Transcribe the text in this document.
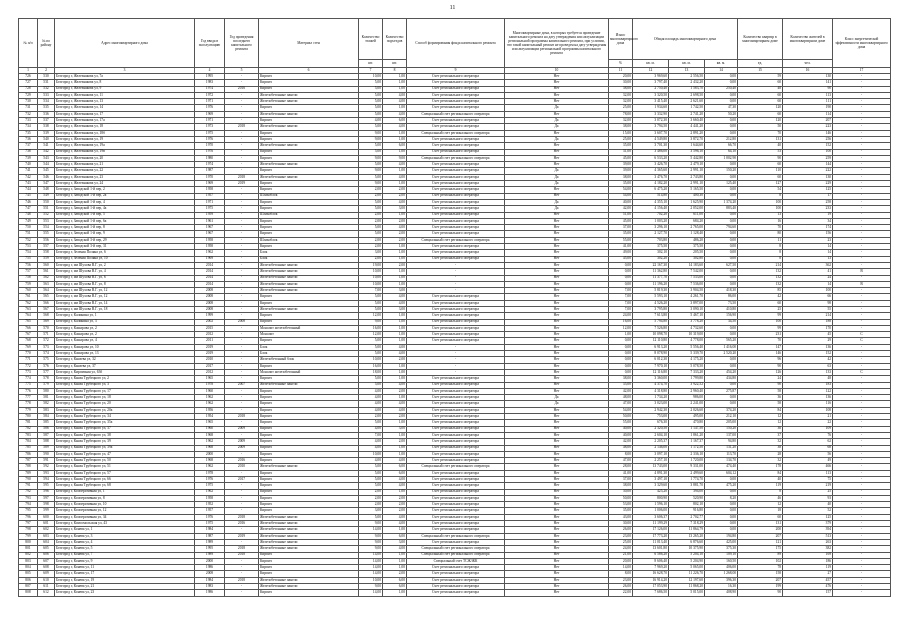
11
№ п/п	№ по району	Адрес многоквартирного дома	Год ввода в эксплуатацию	Год проведения последнего капитального ремонта	Материал стен	Количество этажей	Количество подъездов	Способ формирования фонда капитального ремонта	Многоквартирные дома, в которых требуется проведение капитального ремонта на дату утверждения или актуализации региональной программы капитального ремонта, при условии, что такой капитальный ремонт не проведен на дату утверждения или актуализации региональной программы капитального ремонта	Износ многоквартирного дома	Общая площадь многоквартирного дома			Количество квартир в многоквартирном доме	Количество жителей в многоквартирном доме	Класс энергетической эффективности многоквартирного дома
						шт.	шт.			%	кв. м.	кв. м.	кв. м.	ед.	чел.	
1	2	3	4	5	6	7	8	9	10	11	12	13	14	15	16	17
726	530	Белгород г, Железнякова ул, 7а	1995	-	Кирпич	10,00	1,00	Счет регионального оператора	Нет	20,00	3 969,60	2 556,50	0,00	59	130	-
727	531	Белгород г, Железнякова ул, 8	1983	-	Кирпич	5,00	1,00	Счет регионального оператора	Нет	30,00	3 797,40	2 432,20	0,00	60	141	-
728	532	Белгород г, Железнякова ул, 9	1974	2016	Кирпич	5,00	1,00	Счет регионального оператора	Нет	38,00	2 750,40	1 583,70	250,40	48	90	-
729	533	Белгород г, Железнякова ул, 11	1972	-	Железобетонные панели	5,00	4,00	Счет регионального оператора	Нет	32,00	3 320,50	2 698,50	0,00	60	113	-
730	534	Белгород г, Железнякова ул, 13	1971	-	Железобетонные панели	5,00	4,00	Счет регионального оператора	Нет	32,00	3 415,40	2 621,60	0,00	60	111	-
731	535	Белгород г, Железнякова ул, 14	1976	-	Кирпич	5,00	1,00	Счет регионального оператора	Да	25,00	1 934,60	1 742,50	47,30	120	190	-
732	536	Белгород г, Железнякова ул, 17	1969	-	Железобетонные панели	5,00	4,00	Специальный счет регионального оператора	Нет	78,00	3 332,90	2 741,20	50,20	60	114	-
733	537	Белгород г, Железнякова ул, 17а	1971	-	Кирпич	4,00	6,00	Счет регионального оператора	Да	32,00	3 072,30	3 660,40	0,00	120	207	-
734	538	Белгород г, Железнякова ул, 18	1973	2018	Железобетонные панели	5,00	4,00	Счет регионального оператора	Да	38,00	3 794,50	4 441,20	0,00	50	223	-
735	539	Белгород г, Железнякова ул, 18б	1975	-	Кирпич	9,00	1,00	Специальный счет регионального оператора	Нет	15,00	3 607,70	2 891,20	0,00	70	146	-
736	540	Белгород г, Железнякова ул, 19	1976	-	Кирпич	9,00	1,00	Счет регионального оператора	Да	25,00	4 549,80	3 872,70	212,80	131	256	-
737	541	Белгород г, Железнякова ул, 19а	1970	-	Железобетонные панели	5,00	6,00	Счет регионального оператора	Нет	35,00	3 701,30	1 644,60	66,70	40	152	-
738	542	Белгород г, Железнякова ул, 19в	1976	-	Кирпич	5,00	1,00	Счет регионального оператора	Нет	31,00	3 486,00	3 596,10	64,10	53	100	-
739	543	Белгород г, Железнякова ул, 20	1980	-	Кирпич	9,00	9,00	Специальный счет регионального оператора	Нет	45,00	6 533,20	5 442,80	1 002,90	90	259	-
740	544	Белгород г, Железнякова ул, 21	1974	-	Железобетонные панели	5,00	4,00	Счет регионального оператора	Нет	39,00	3 426,70	2 479,10	0,00	60	144	-
741	545	Белгород г, Железнякова ул, 22	1987	-	Кирпич	9,00	1,00	Счет регионального оператора	Да	39,00	4 365,60	2 991,10	150,20	110	222	-
742	546	Белгород г, Железнякова ул, 23	1970	2018	Железобетонные панели	5,00	4,00	Счет регионального оператора	Да	38,00	3 476,70	2 743,80	0,00	60	130	-
743	547	Белгород г, Железнякова ул, 24	1969	2019	Кирпич	9,00	1,00	Счет регионального оператора	Да	35,00	4 182,20	2 991,10	125,40	127	229	-
744	548	Белгород г, Заводской 1-й пер, 2	1958	-	Кирпич	2,00	2,00	Счет регионального оператора	Нет	54,00	6 475,20	5 165,50	0,00	54	125	-
745	549	Белгород г, Заводской 1-й пер, 2а	1957	-	Шлакоблок	2,00	2,00	Счет регионального оператора	Нет	54,00	514,80	400,30	0,00	8	17	-
746	550	Белгород г, Заводской 1-й пер, 4	1971	-	Кирпич	5,00	4,00	Счет регионального оператора	Да	40,00	4 355,10	1 625,90	1 374,20	100	258	-
747	551	Белгород г, Заводской 1-й пер, 4а	1975	-	Кирпич	5,00	3,00	Счет регионального оператора	Да	42,00	4 156,40	2 052,00	883,40	100	233	-
748	552	Белгород г, Заводской 1-й пер, 5	1959	-	Шлакоблок	2,00	1,00	Счет регионального оператора	Нет	51,00	702,20	611,00	0,00	13	19	-
749	553	Белгород г, Заводской 1-й пер, 6а	1961	-	Кирпич	2,00	2,00	Счет регионального оператора	Нет	45,00	1 003,20	684,20	0,00	16	34	-
750	554	Белгород г, Заводской 1-й пер, 8	1967	-	Кирпич	5,00	4,00	Счет регионального оператора	Нет	37,00	3 296,10	2 765,00	794,60	70	174	-
751	555	Белгород г, Заводской 1-й пер, 9	1967	-	Кирпич	5,00	2,00	Счет регионального оператора	Нет	35,00	2 127,70	1 128,40	0,00	80	156	-
752	556	Белгород г, Заводской 3-й пер, 29	1958	-	Шлакоблок	2,00	2,00	Специальный счет регионального оператора	Нет	55,00	703,80	486,20	0,00	11	23	-
753	557	Белгород г, Заводской 3-й пер, 31	1958	-	Кирпич	2,00	1,00	Счет регионального оператора	Нет	41,00	375,50	375,50	0,00	8	14	-
754	558	Белгород г, Зеленая Поляна ул, 6	1962	-	Блок	3,00	1,00	Счет регионального оператора	Нет	49,00	302,10	205,50	0,00	8	14	-
755	559	Белгород г, Зеленая Поляна ул, 10	1969	-	Блок	2,00	1,00	Счет регионального оператора	Нет	45,00	302,20	302,80	0,00	8	13	-
756	560	Белгород г, им Шухова В.Г. ул, 2	2014	-	Железобетонные панели	19,00	2,00	-	Нет	0,00	22 167,30	14 183,60	627,50	214	362	-
757	561	Белгород г, им Шухова В.Г. ул, 4	2014	-	Железобетонные панели	10,00	1,00	-	Нет	0,00	11 362,80	7 542,00	0,00	132	41	B
758	562	Белгород г, им Шухова В.Г. ул, 6	2014	-	Железобетонные панели	10,00	1,00	-	Нет	0,00	11 377,70	7 533,00	0,00	132	24	-
759	563	Белгород г, им Шухова В.Г. ул, 8	2014	-	Железобетонные панели	10,00	1,00	-	Нет	0,00	11 196,20	7 536,00	0,00	132	14	B
760	564	Белгород г, им Шухова В.Г. ул, 12	2008	-	Железобетонные панели	7,00	3,00	-	Нет	7,00	5 819,30	3 904,50	418,30	85	100	-
761	565	Белгород г, им Шухова В.Г. ул, 12	2008	-	Кирпич	5,00	4,00	Счет регионального оператора	Нет	7,00	5 593,10	4 261,70	86,00	42	66	-
762	566	Белгород г, им Шухова В.Г. ул, 14	2008	-	Кирпич	5,00	4,00	Счет регионального оператора	Нет	7,00	4 526,20	3 897,00	73,50	60	98	-
763	567	Белгород г, им Шухова В.Г. ул, 18	2008	-	Железобетонные панели	5,00	3,00	Счет регионального оператора	Нет	7,00	3 795,80	3 090,10	410,80	25	55	-
764	568	Белгород г, Калинина ул, 1	1999	-	Кирпич	12,00	1,00	Счет регионального оператора	Нет	24,00	7 613,80	5 467,10	156,90	99	214	-
765	569	Белгород г, Калинина ул, 3	2002	2008	Кирпич	9,00	1,00	Счет регионального оператора	Нет	16,00	5 794,80	3 778,20	34,50	100	188	-
766	570	Белгород г, Кашарова ул, 2	2015	-	Монолит железобетонный	16,00	1,00	Счет регионального оператора	Нет	12,00	7 526,80	4 732,60	0,00	99	170	-
767	571	Белгород г, Кашарова ул, 2	2012	-	Монолит	12,00	1,00	Счет регионального оператора	Нет	1,00	10 098,70	10 319,00	0,00	231	45	C
768	572	Белгород г, Кашарова ул, 4	2011	-	Кирпич	5,00	1,00	Счет регионального оператора	Нет	0,00	12 110,80	4 778,00	565,20	70	29	C
769	573	Белгород г, Кашарова ул, 10	2019	-	Блок	5,00	4,00	-	Нет	0,00	6 913,20	5 556,40	1 416,00	147	136	-
770	574	Белгород г, Кашарова ул, 13	2019	-	Блок	5,00	4,00	-	Нет	0,00	8 078,90	5 339,70	2 520,20	146	152	-
771	575	Белгород г, Князева ул, 32	2010	-	Железобетонный блок	10,00	2,00	-	Нет	0,00	6 012,30	4 175,20	0,00	96	42	-
772	576	Белгород г, Князева ул, 37	2017	-	Кирпич	16,00	1,00	-	Нет	0,00	7 970,10	5 078,50	0,00	90	63	-
773	577	Белгород г, Кирпичная ул, 63б	2012	-	Монолит железобетонный	18,00	1,00	-	Нет	0,00	12 116,80	7 333,20	454,20	126	133	C
774	578	Белгород г, Князя Трубецкого ул, 2	1965	-	Кирпич	5,00	1,00	Счет регионального оператора	Нет	38,00	3 360,00	1 799,80	434,80	24	48	-
775	579	Белгород г, Князя Трубецкого ул, 3	1978	2007	Железобетонные панели	5,00	4,00	Счет регионального оператора	Нет	35,00	4 374,70	3 922,52	0,00	90	183	-
776	580	Белгород г, Князя Трубецкого ул, 17	1960	-	Кирпич	4,00	2,00	Счет регионального оператора	Нет	42,00	4 318,80	2 960,40	275,87	58	122	-
777	581	Белгород г, Князя Трубецкого ул, 18	1962	-	Кирпич	4,00	1,00	Счет регионального оператора	Да	48,00	1 734,20	986,00	0,00	36	136	-
778	582	Белгород г, Князя Трубецкого ул, 20	1962	-	Кирпич	4,00	4,00	Счет регионального оператора	Да	47,00	3 023,00	2 241,00	0,00	58	116	-
779	583	Белгород г, Князя Трубецкого ул, 20а	1956	-	Кирпич	4,00	4,00	Счет регионального оператора	Нет	54,00	2 942,30	2 026,60	374,20	84	108	-
780	584	Белгород г, Князя Трубецкого ул, 34	1954	2018	Кирпич	2,00	2,00	Счет регионального оператора	Нет	50,00	753,00	495,00	212,10	12	21	-
781	585	Белгород г, Князя Трубецкого ул, 35а	1965	-	Кирпич	5,00	1,00	Счет регионального оператора	Нет	55,00	676,30	470,80	205,00	12	22	-
782	586	Белгород г, Князя Трубецкого ул, 37	1960	2009	Кирпич	4,00	3,00	Счет регионального оператора	Нет	40,00	2 320,50	1 147,50	150,20	36	109	-
783	587	Белгород г, Князя Трубецкого ул, 38	1968	-	Кирпич	7,00	1,00	Счет регионального оператора	Нет	40,00	2 604,10	1 861,20	137,00	37	76	-
784	588	Белгород г, Князя Трубецкого ул, 39	1962	2009	Кирпич	4,00	2,00	Счет регионального оператора	Нет	42,00	2 205,37	1 167,37	94,80	32	62	-
785	589	Белгород г, Князя Трубецкого ул, 39а	1968	2009	Кирпич	4,00	1,00	Счет регионального оператора	Нет	48,00	2 146,00	1 172,50	131,20	38	68	-
786	590	Белгород г, Князя Трубецкого ул, 47	2000	-	Кирпич	10,00	1,00	Счет регионального оператора	Нет	8,00	3 097,10	2 336,10	113,70	28	56	-
787	591	Белгород г, Князя Трубецкого ул, 50	1968	2016	Кирпич	4,00	4,00	Счет регионального оператора	Нет	47,00	2 257,10	1 720,00	134,70	32	49	-
788	592	Белгород г, Князя Трубецкого ул, 51	1962	2010	Железобетонные панели	5,00	6,00	Специальный счет регионального оператора	Нет	28,00	13 743,00	9 331,00	474,40	178	466	-
789	593	Белгород г, Князя Трубецкого ул, 57	1978	-	Кирпич	5,00	6,00	Счет регионального оператора	Нет	41,00	4 891,30	2 499,60	604,12	84	113	-
790	594	Белгород г, Князя Трубецкого ул, 66	1976	2017	Кирпич	5,00	4,00	Счет регионального оператора	Нет	37,00	3 497,10	1 774,70	0,00	40	75	-
791	595	Белгород г, Князя Трубецкого ул, 68	1975	-	Кирпич	5,00	4,00	Счет регионального оператора	Нет	38,00	3 329,60	3 881,70	475,20	119	219	-
792	596	Белгород г, Кооперативная ул, 1	1962	-	Кирпич	2,00	1,00	Счет регионального оператора	Нет	30,00	425,20	394,00	0,00	8	25	-
793	597	Белгород г, Кооперативная ул, 8	1958	-	Кирпич	2,00	2,00	Счет регионального оператора	Нет	50,00	800,90	520,90	8,20	46	93	-
794	598	Белгород г, Кооперативная ул, 10	1952	-	Кирпич	2,00	2,00	Счет регионального оператора	Нет	53,00	1 596,10	802,10	0,00	12	40	-
795	599	Белгород г, Кооперативная ул, 12	1957	-	Кирпич	3,00	2,00	Счет регионального оператора	Нет	35,00	1 006,00	916,80	0,00	18	52	-
796	600	Белгород г, Кооперативная ул, 34	1976	2018	Железобетонные панели	5,00	4,00	Счет регионального оператора	Нет	43,00	3 606,37	2 702,77	0,00	60	125	-
797	601	Белгород г, Комсомольская ул, 43	1975	2016	Железобетонные панели	9,00	4,00	Счет регионального оператора	Нет	30,00	11 199,29	7 318,29	0,00	131	379	-
798	602	Белгород г, Конева ул, 1	1984	-	Железобетонные панели	14,00	1,00	Счет регионального оператора	Нет	26,00	17 126,00	11 864,79	0,00	200	394	-
799	603	Белгород г, Конева ул, 3	1987	2019	Железобетонные панели	9,00	6,00	Специальный счет регионального оператора	Нет	23,00	17 773,20	13 265,20	194,80	207	513	-
800	604	Белгород г, Конева ул, 4	1989	-	Железобетонные панели	9,00	3,00	Счет регионального оператора	Нет	25,00	11 013,40	6 876,60	425,00	121	263	-
801	605	Белгород г, Конева ул, 5	1995	2018	Железобетонные панели	9,00	4,00	Специальный счет регионального оператора	Нет	24,00	13 601,80	10 375,90	375,30	175	382	-
802	606	Белгород г, Конева ул, 7	1989	2018	Кирпич	14,00	1,00	Специальный счет регионального оператора	Нет	21,00	6 586,20	5 204,10	109,10	89	169	-
803	607	Белгород г, Конева ул, 9	2000	-	Кирпич	14,00	1,00	Специальный счет ТСЖ/ЖК	Нет	20,00	8 606,40	5 204,90	160,50	102	186	-
804	608	Белгород г, Конева ул, 11	1986	-	Кирпич	14,00	1,00	Счет регионального оператора	Нет	14,00	7 969,20	5 065,00	406,00	78	119	-
805	609	Белгород г, Конева ул, 17	2008	-	Кирпич	14,00	2,00	Счет регионального оператора	Нет	8,00	16 628,70	11 226,70	1 268,00	158	27	-
806	610	Белгород г, Конева ул, 19	1984	2018	Железобетонные панели	10,00	6,00	Счет регионального оператора	Нет	23,00	16 914,20	12 197,60	396,30	207	457	-
807	611	Белгород г, Конева ул, 21	1983	-	Железобетонные панели	9,00	6,00	Счет регионального оператора	Нет	26,00	17 053,90	11 868,20	16,30	199	476	-
808	612	Белгород г, Конева ул, 23	1986	-	Кирпич	14,00	1,00	Счет регионального оператора	Нет	22,00	7 686,50	5 015,00	408,90	90	157	-
